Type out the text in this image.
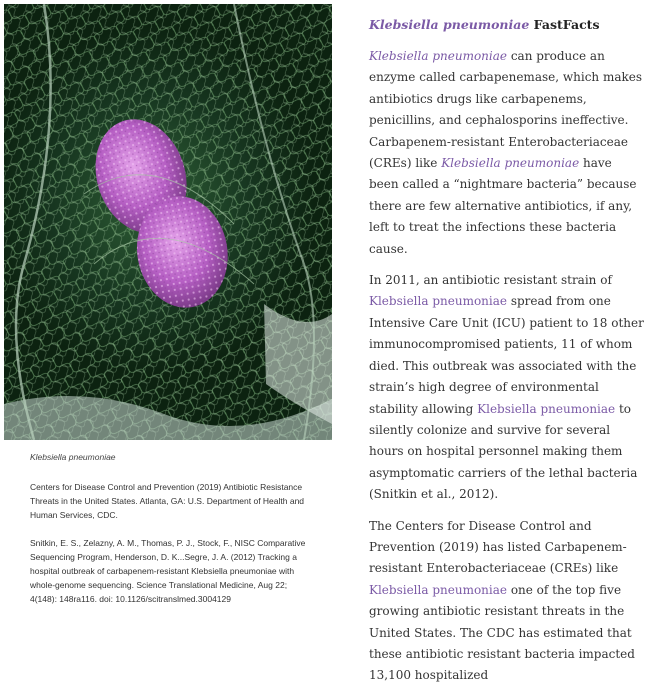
Klebsiella pneumoniae
Centers for Disease Control and Prevention (2019) Antibiotic Resistance Threats in the United States. Atlanta, GA: U.S. Department of Health and Human Services, CDC.
Snitkin, E. S., Zelazny, A. M., Thomas, P. J., Stock, F., NISC Comparative Sequencing Program, Henderson, D. K...Segre, J. A. (2012) Tracking a hospital outbreak of carbapenem-resistant Klebsiella pneumoniae with whole-genome sequencing. Science Translational Medicine, Aug 22; 4(148): 148ra116. doi: 10.1126/scitranslmed.3004129
Klebsiella pneumoniae FastFacts

Klebsiella pneumoniae can produce an enzyme called carbapenemase, which makes antibiotics drugs like carbapenems, penicillins, and cephalosporins ineffective. Carbapenem-resistant Enterobacteriaceae (CREs) like Klebsiella pneumoniae have been called a “nightmare bacteria” because there are few alternative antibiotics, if any, left to treat the infections these bacteria cause.

In 2011, an antibiotic resistant strain of Klebsiella pneumoniae spread from one Intensive Care Unit (ICU) patient to 18 other immunocompromised patients, 11 of whom died. This outbreak was associated with the strain’s high degree of environmental stability allowing Klebsiella pneumoniae to silently colonize and survive for several hours on hospital personnel making them asymptomatic carriers of the lethal bacteria (Snitkin et al., 2012).

The Centers for Disease Control and Prevention (2019) has listed Carbapenem-resistant Enterobacteriaceae (CREs) like Klebsiella pneumoniae one of the top five growing antibiotic resistant threats in the United States. The CDC has estimated that these antibiotic resistant bacteria impacted 13,100 hospitalized
